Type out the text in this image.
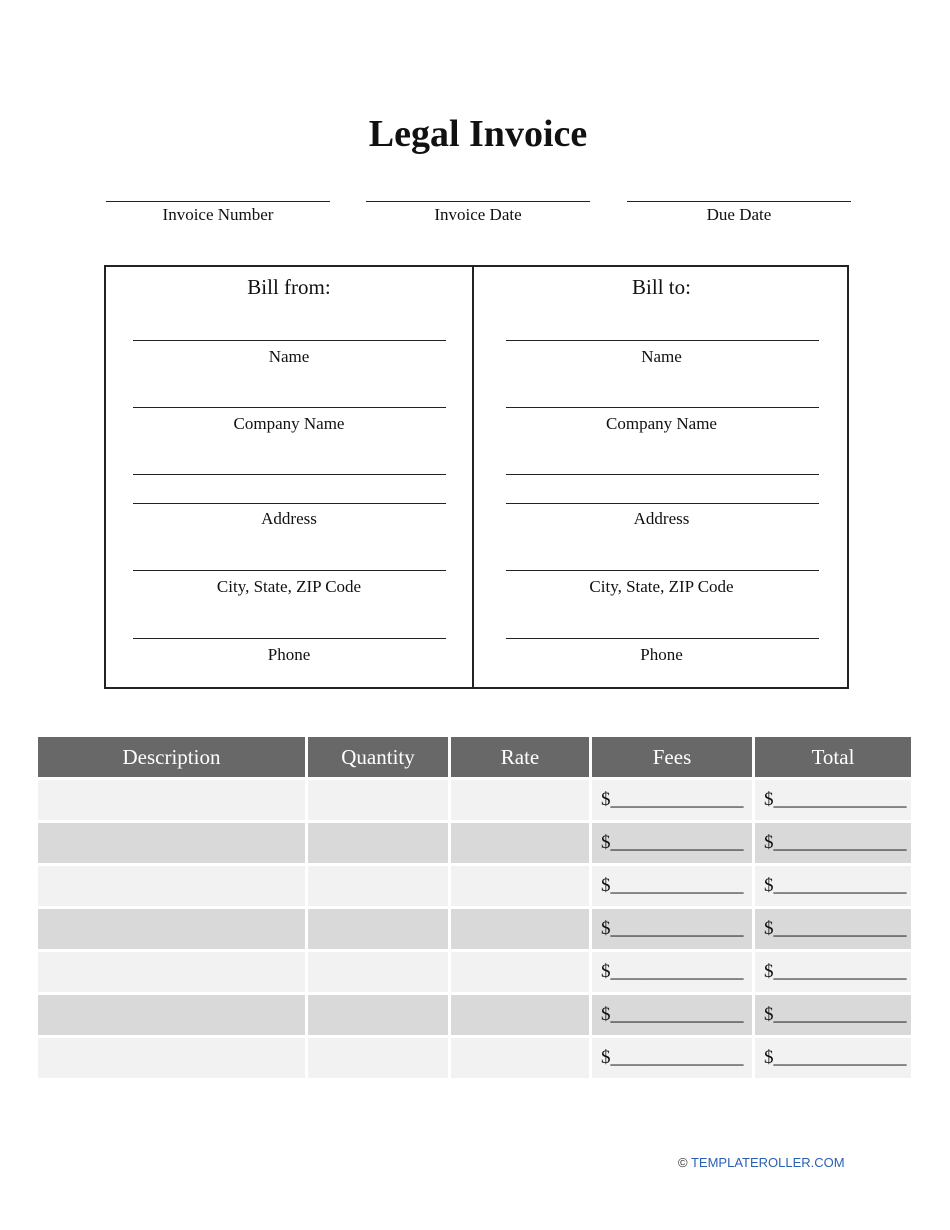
Legal Invoice
Invoice Number	Invoice Date	Due Date
Bill from:
Name
Company Name
Address
City, State, ZIP Code
Phone
Bill to:
Name
Company Name
Address
City, State, ZIP Code
Phone
Description	Quantity	Rate	Fees	Total
			$______________	$______________
			$______________	$______________
			$______________	$______________
			$______________	$______________
			$______________	$______________
			$______________	$______________
			$______________	$______________
© TEMPLATEROLLER.COM
